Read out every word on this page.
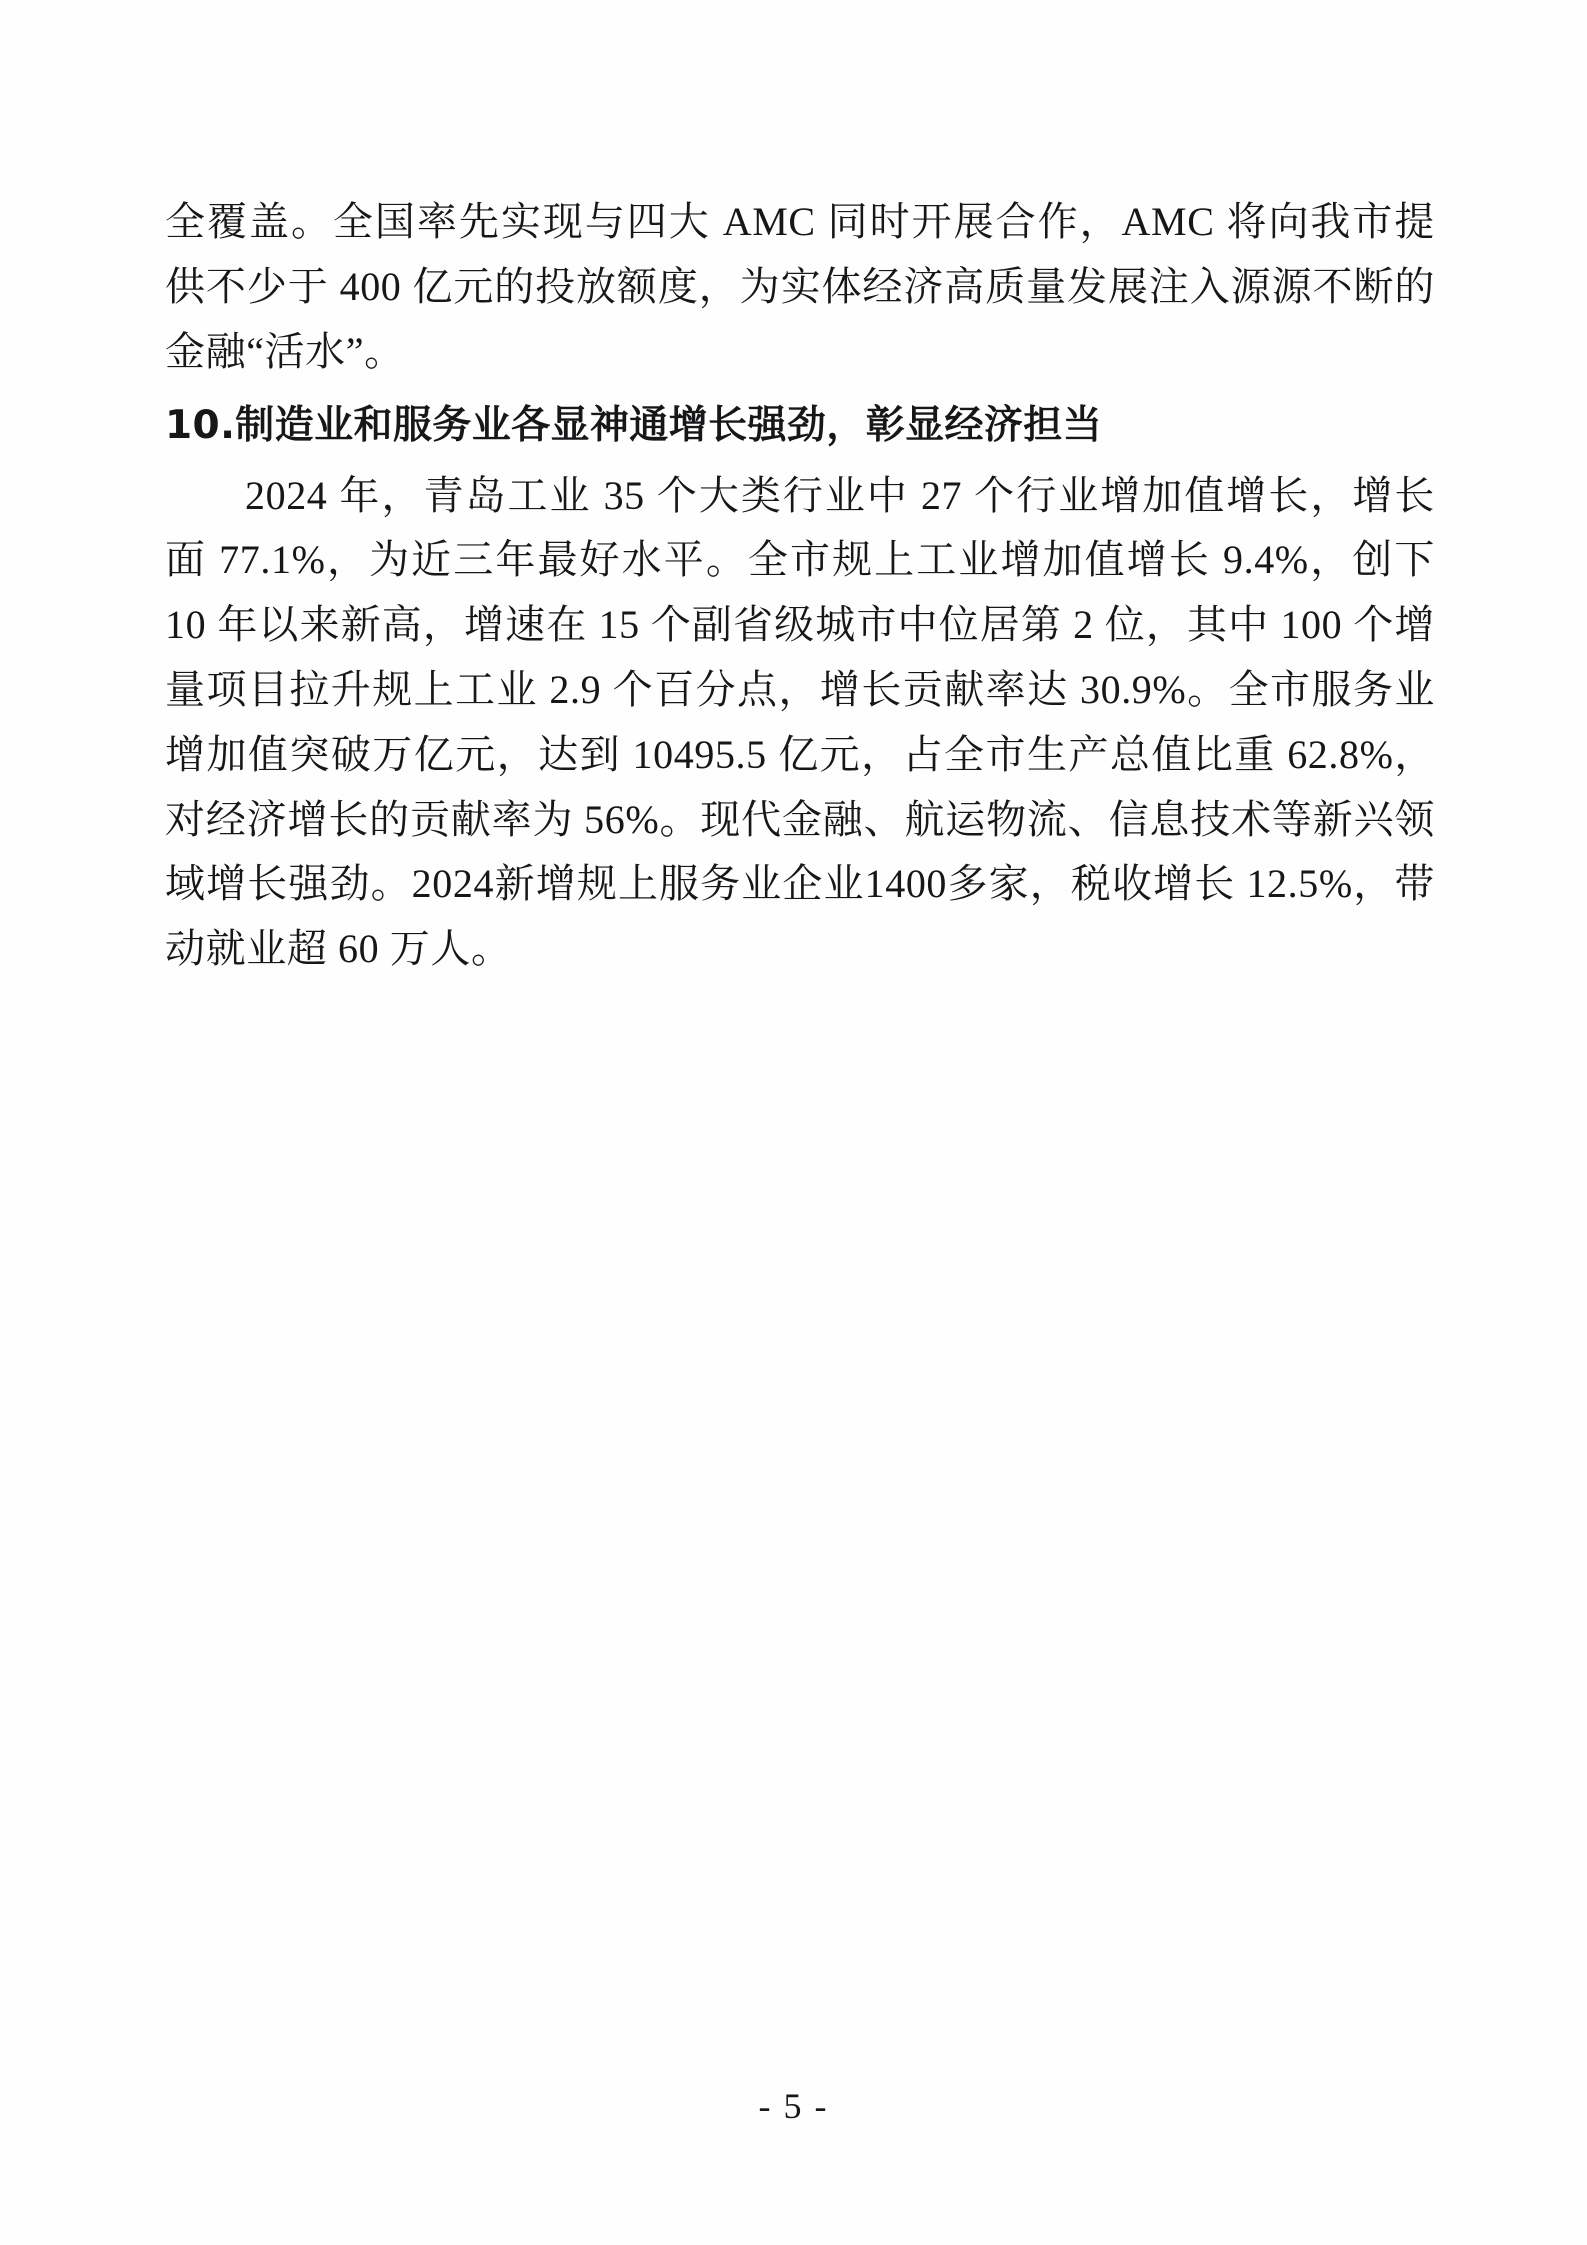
全覆盖。全国率先实现与四大 AMC 同时开展合作，AMC 将向我市提供不少于 400 亿元的投放额度，为实体经济高质量发展注入源源不断的金融“活水”。

10.制造业和服务业各显神通增长强劲，彰显经济担当

2024 年，青岛工业 35 个大类行业中 27 个行业增加值增长，增长面 77.1%，为近三年最好水平。全市规上工业增加值增长 9.4%，创下 10 年以来新高，增速在 15 个副省级城市中位居第 2 位，其中 100 个增量项目拉升规上工业 2.9 个百分点，增长贡献率达 30.9%。全市服务业增加值突破万亿元，达到 10495.5 亿元，占全市生产总值比重 62.8%，对经济增长的贡献率为 56%。现代金融、航运物流、信息技术等新兴领域增长强劲。2024新增规上服务业企业1400多家，税收增长 12.5%，带动就业超 60 万人。

- 5 -
